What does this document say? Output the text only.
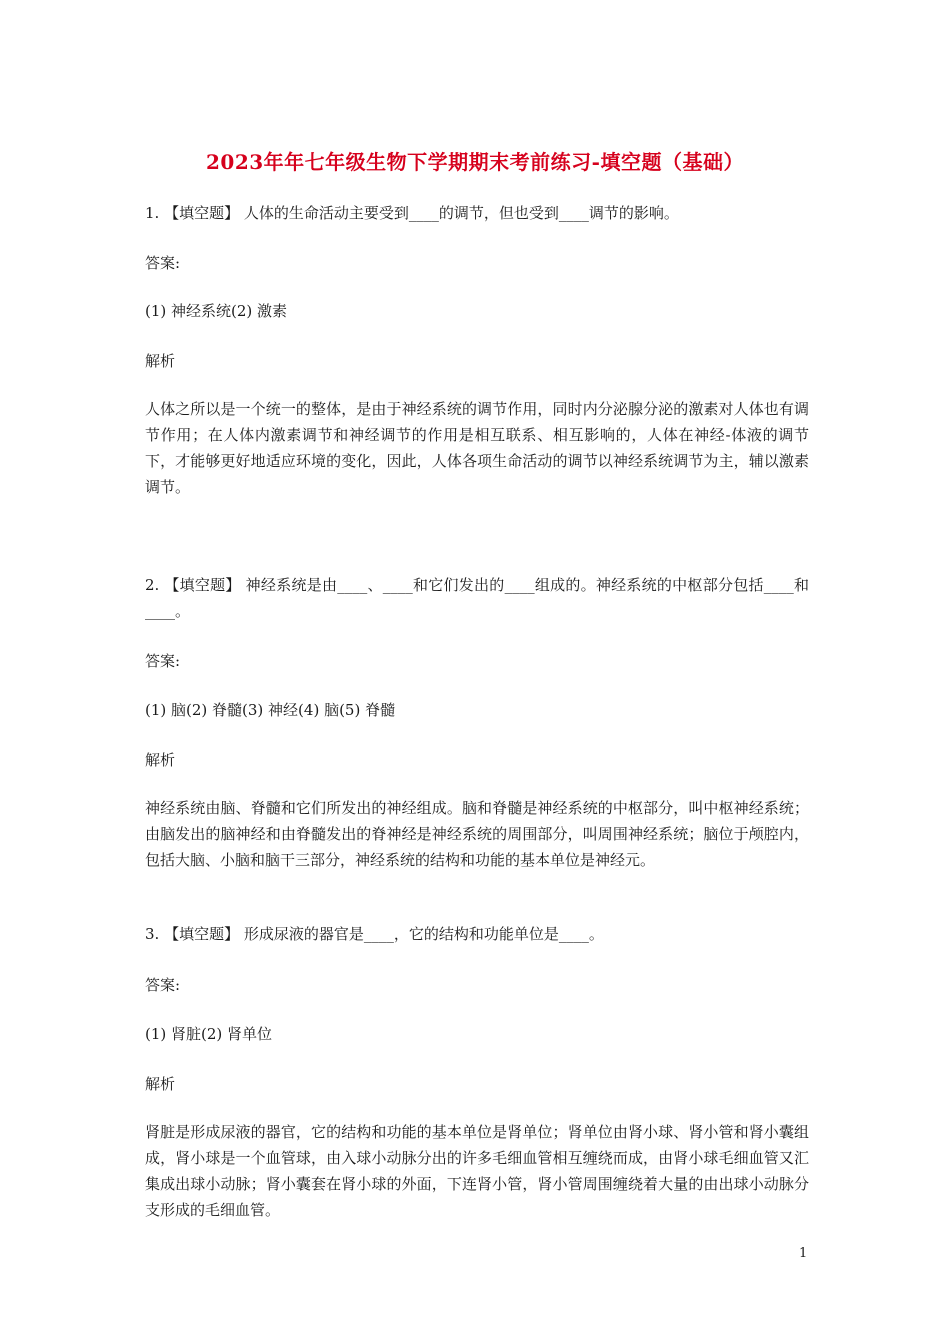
2023年年七年级生物下学期期末考前练习-填空题（基础）
1. 【填空题】 人体的生命活动主要受到____的调节，但也受到____调节的影响。
答案:
(1) 神经系统(2) 激素
解析
人体之所以是一个统一的整体，是由于神经系统的调节作用，同时内分泌腺分泌的激素对人体也有调节作用；在人体内激素调节和神经调节的作用是相互联系、相互影响的，人体在神经-体液的调节下，才能够更好地适应环境的变化，因此，人体各项生命活动的调节以神经系统调节为主，辅以激素调节。
2. 【填空题】 神经系统是由____、____和它们发出的____组成的。神经系统的中枢部分包括____和____。
答案:
(1) 脑(2) 脊髓(3) 神经(4) 脑(5) 脊髓
解析
神经系统由脑、脊髓和它们所发出的神经组成。脑和脊髓是神经系统的中枢部分，叫中枢神经系统；由脑发出的脑神经和由脊髓发出的脊神经是神经系统的周围部分，叫周围神经系统；脑位于颅腔内，包括大脑、小脑和脑干三部分，神经系统的结构和功能的基本单位是神经元。
3. 【填空题】 形成尿液的器官是____，它的结构和功能单位是____。
答案:
(1) 肾脏(2) 肾单位
解析
肾脏是形成尿液的器官，它的结构和功能的基本单位是肾单位；肾单位由肾小球、肾小管和肾小囊组成，肾小球是一个血管球，由入球小动脉分出的许多毛细血管相互缠绕而成，由肾小球毛细血管又汇集成出球小动脉；肾小囊套在肾小球的外面，下连肾小管，肾小管周围缠绕着大量的由出球小动脉分支形成的毛细血管。
1
